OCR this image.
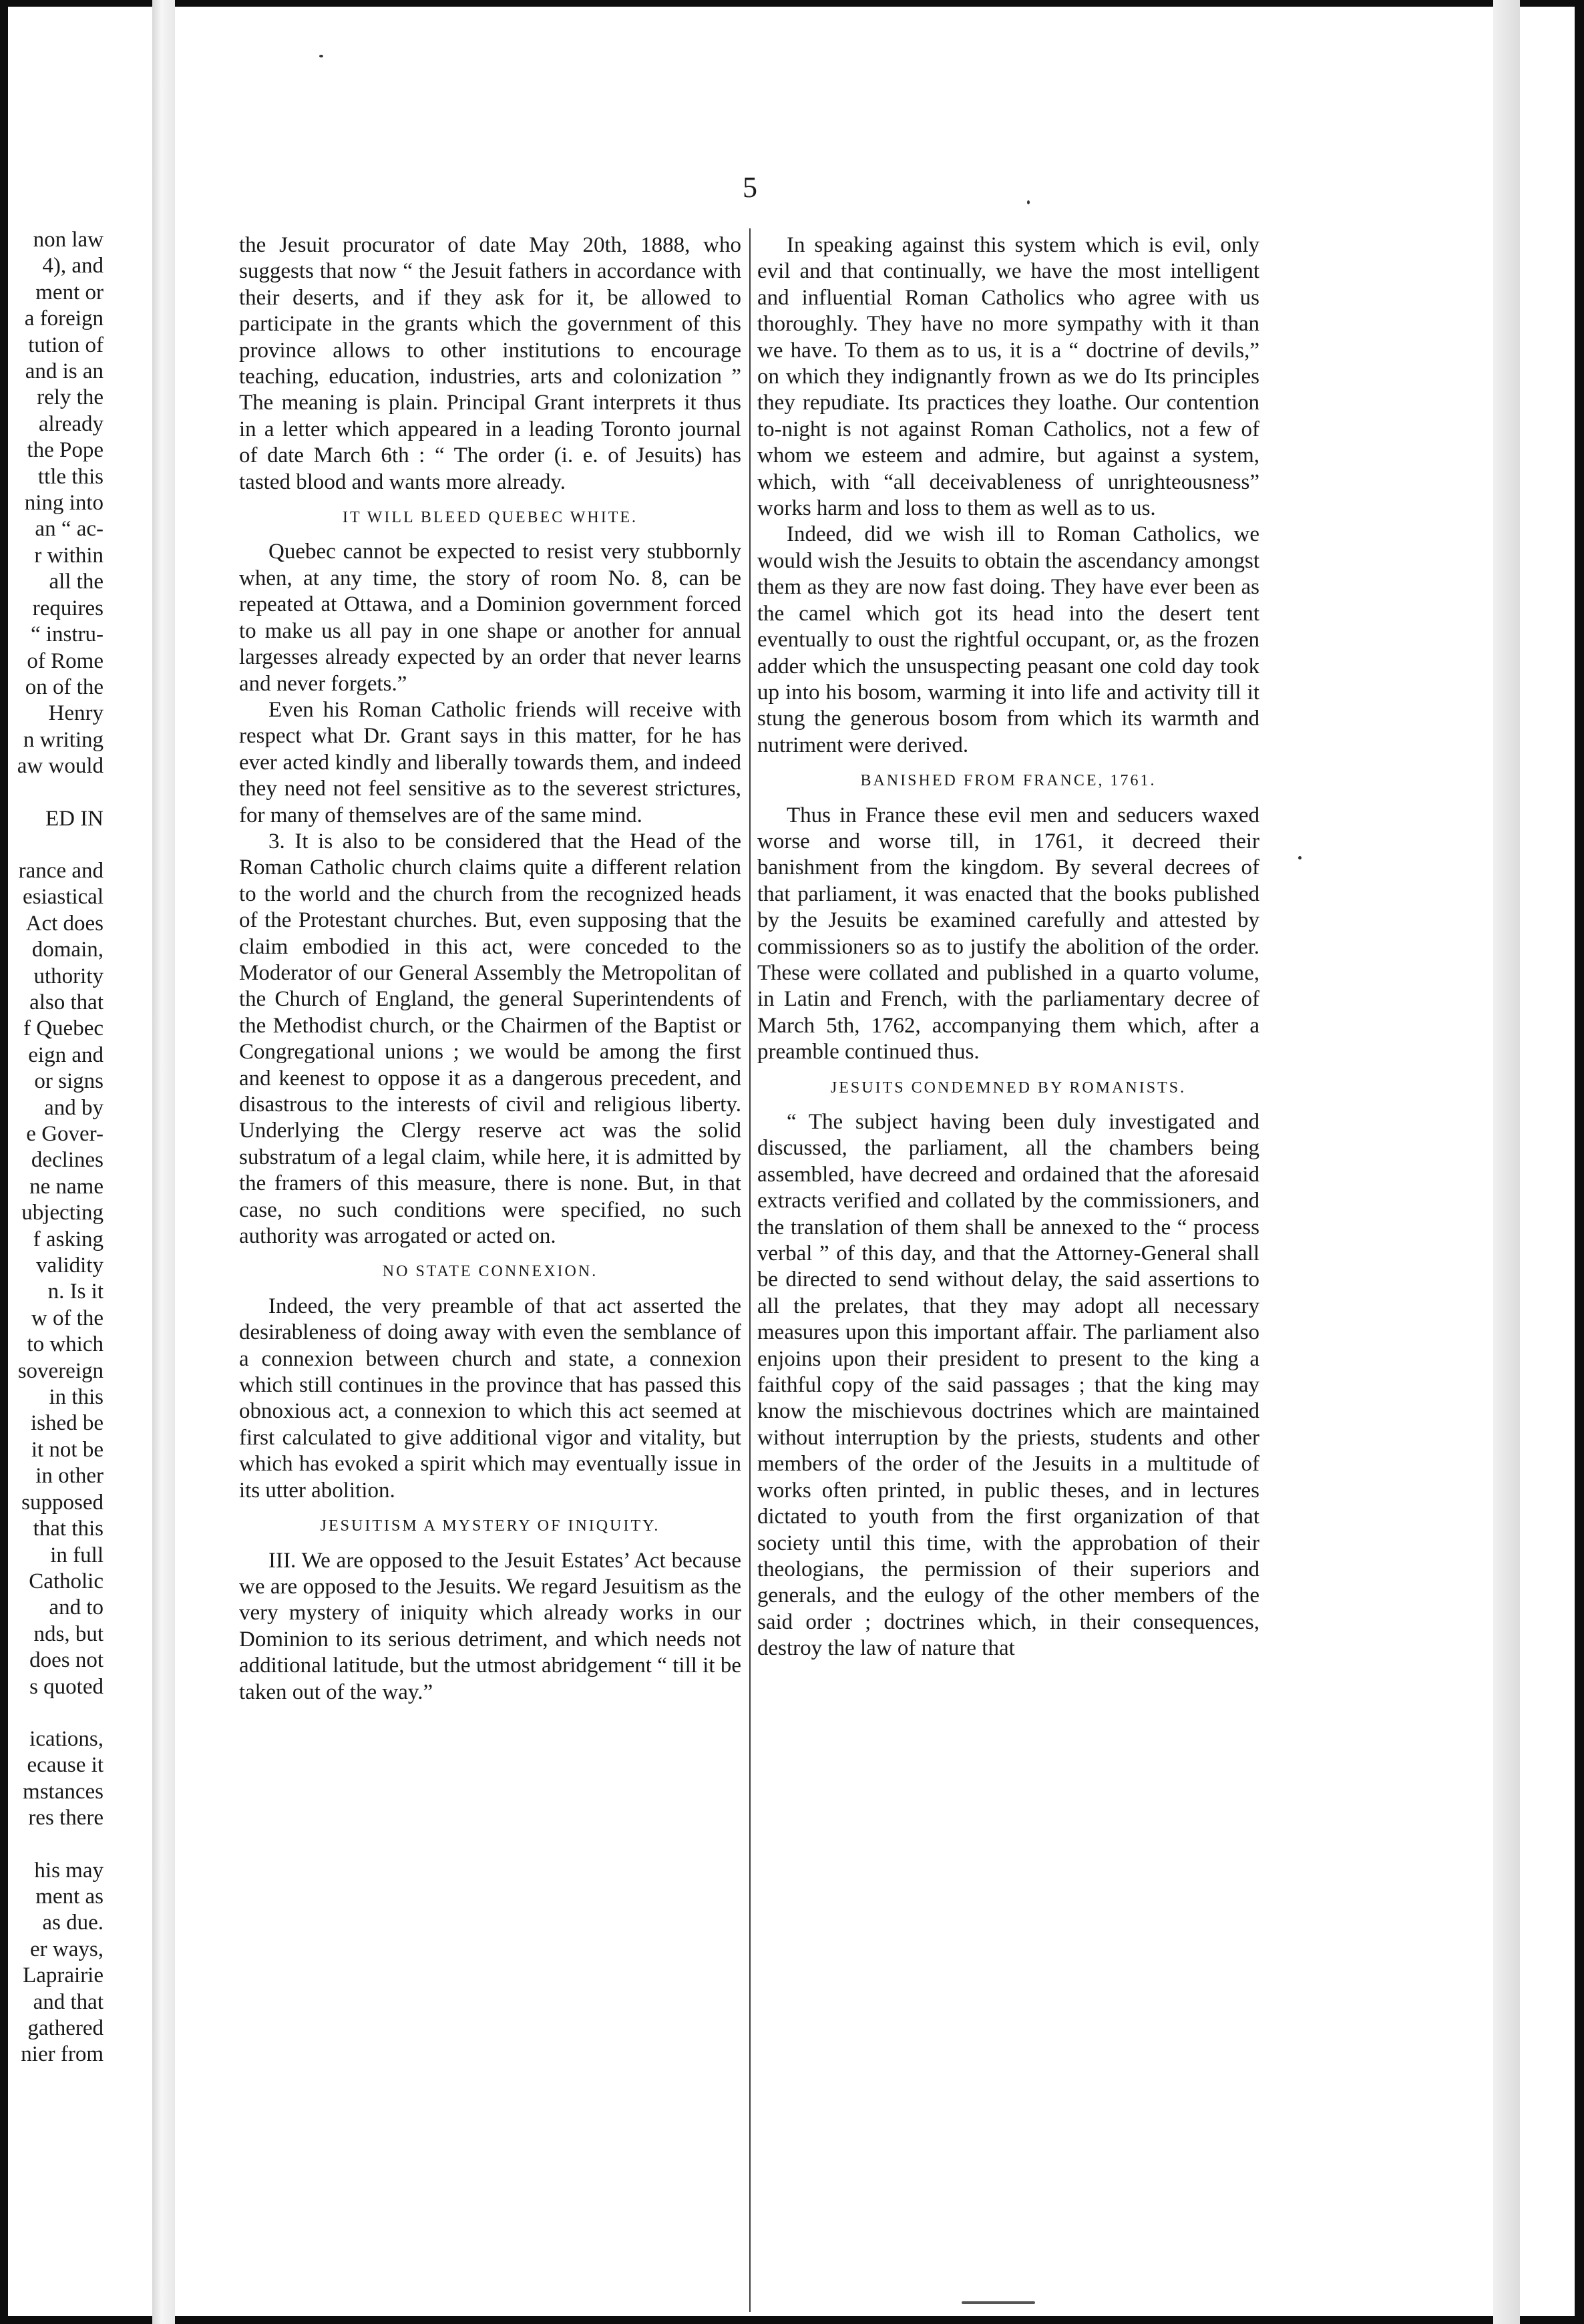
5
non law
4), and
ment or
a foreign
tution of
and is an
rely the
already
the Pope
ttle this
ning into
an “ ac-
r within
all the
requires
“ instru-
of Rome
on of the
Henry
n writing
aw would

ED IN

rance and
esiastical
Act does
domain,
uthority
also that
f Quebec
eign and
or signs
and by
e Gover-
declines
ne name
ubjecting
f asking
validity
n. Is it
w of the
to which
sovereign
in this
ished be
it not be
in other
supposed
that this
in full
Catholic
and to
nds, but
does not
s quoted

ications,
ecause it
mstances
res there

his may
ment as
as due.
er ways,
Laprairie
and that
gathered
nier from

the Jesuit procurator of date May 20th, 1888, who suggests that now “ the Jesuit fathers in accordance with their deserts, and if they ask for it, be allowed to participate in the grants which the government of this province allows to other institutions to encourage teaching, education, industries, arts and colonization ” The meaning is plain. Principal Grant interprets it thus in a letter which appeared in a leading Toronto journal of date March 6th : “ The order (i. e. of Jesuits) has tasted blood and wants more already.

IT WILL BLEED QUEBEC WHITE.

Quebec cannot be expected to resist very stubbornly when, at any time, the story of room No. 8, can be repeated at Ottawa, and a Dominion government forced to make us all pay in one shape or another for annual largesses already expected by an order that never learns and never forgets.”

Even his Roman Catholic friends will receive with respect what Dr. Grant says in this matter, for he has ever acted kindly and liberally towards them, and indeed they need not feel sensitive as to the severest strictures, for many of themselves are of the same mind.

3. It is also to be considered that the Head of the Roman Catholic church claims quite a different relation to the world and the church from the recognized heads of the Protestant churches. But, even supposing that the claim embodied in this act, were conceded to the Moderator of our General Assembly the Metropolitan of the Church of England, the general Superintendents of the Methodist church, or the Chairmen of the Baptist or Congregational unions ; we would be among the first and keenest to oppose it as a dangerous precedent, and disastrous to the interests of civil and religious liberty. Underlying the Clergy reserve act was the solid substratum of a legal claim, while here, it is admitted by the framers of this measure, there is none. But, in that case, no such conditions were specified, no such authority was arrogated or acted on.

NO STATE CONNEXION.

Indeed, the very preamble of that act asserted the desirableness of doing away with even the semblance of a connexion between church and state, a connexion which still continues in the province that has passed this obnoxious act, a connexion to which this act seemed at first calculated to give additional vigor and vitality, but which has evoked a spirit which may eventually issue in its utter abolition.

JESUITISM A MYSTERY OF INIQUITY.

III. We are opposed to the Jesuit Estates’ Act because we are opposed to the Jesuits. We regard Jesuitism as the very mystery of iniquity which already works in our Dominion to its serious detriment, and which needs not additional latitude, but the utmost abridgement “ till it be taken out of the way.”

In speaking against this system which is evil, only evil and that continually, we have the most intelligent and influential Roman Catholics who agree with us thoroughly. They have no more sympathy with it than we have. To them as to us, it is a “ doctrine of devils,” on which they indignantly frown as we do Its principles they repudiate. Its practices they loathe. Our contention to-night is not against Roman Catholics, not a few of whom we esteem and admire, but against a system, which, with “all deceivableness of unrighteousness” works harm and loss to them as well as to us.

Indeed, did we wish ill to Roman Catholics, we would wish the Jesuits to obtain the ascendancy amongst them as they are now fast doing. They have ever been as the camel which got its head into the desert tent eventually to oust the rightful occupant, or, as the frozen adder which the unsuspecting peasant one cold day took up into his bosom, warming it into life and activity till it stung the generous bosom from which its warmth and nutriment were derived.

BANISHED FROM FRANCE, 1761.

Thus in France these evil men and seducers waxed worse and worse till, in 1761, it decreed their banishment from the kingdom. By several decrees of that parliament, it was enacted that the books published by the Jesuits be examined carefully and attested by commissioners so as to justify the abolition of the order. These were collated and published in a quarto volume, in Latin and French, with the parliamentary decree of March 5th, 1762, accompanying them which, after a preamble continued thus.

JESUITS CONDEMNED BY ROMANISTS.

“ The subject having been duly investigated and discussed, the parliament, all the chambers being assembled, have decreed and ordained that the aforesaid extracts verified and collated by the commissioners, and the translation of them shall be annexed to the “ process verbal ” of this day, and that the Attorney-General shall be directed to send without delay, the said assertions to all the prelates, that they may adopt all necessary measures upon this important affair. The parliament also enjoins upon their president to present to the king a faithful copy of the said passages ; that the king may know the mischievous doctrines which are maintained without interruption by the priests, students and other members of the order of the Jesuits in a multitude of works often printed, in public theses, and in lectures dictated to youth from the first organization of that society until this time, with the approbation of their theologians, the permission of their superiors and generals, and the eulogy of the other members of the said order ; doctrines which, in their consequences, destroy the law of nature that
